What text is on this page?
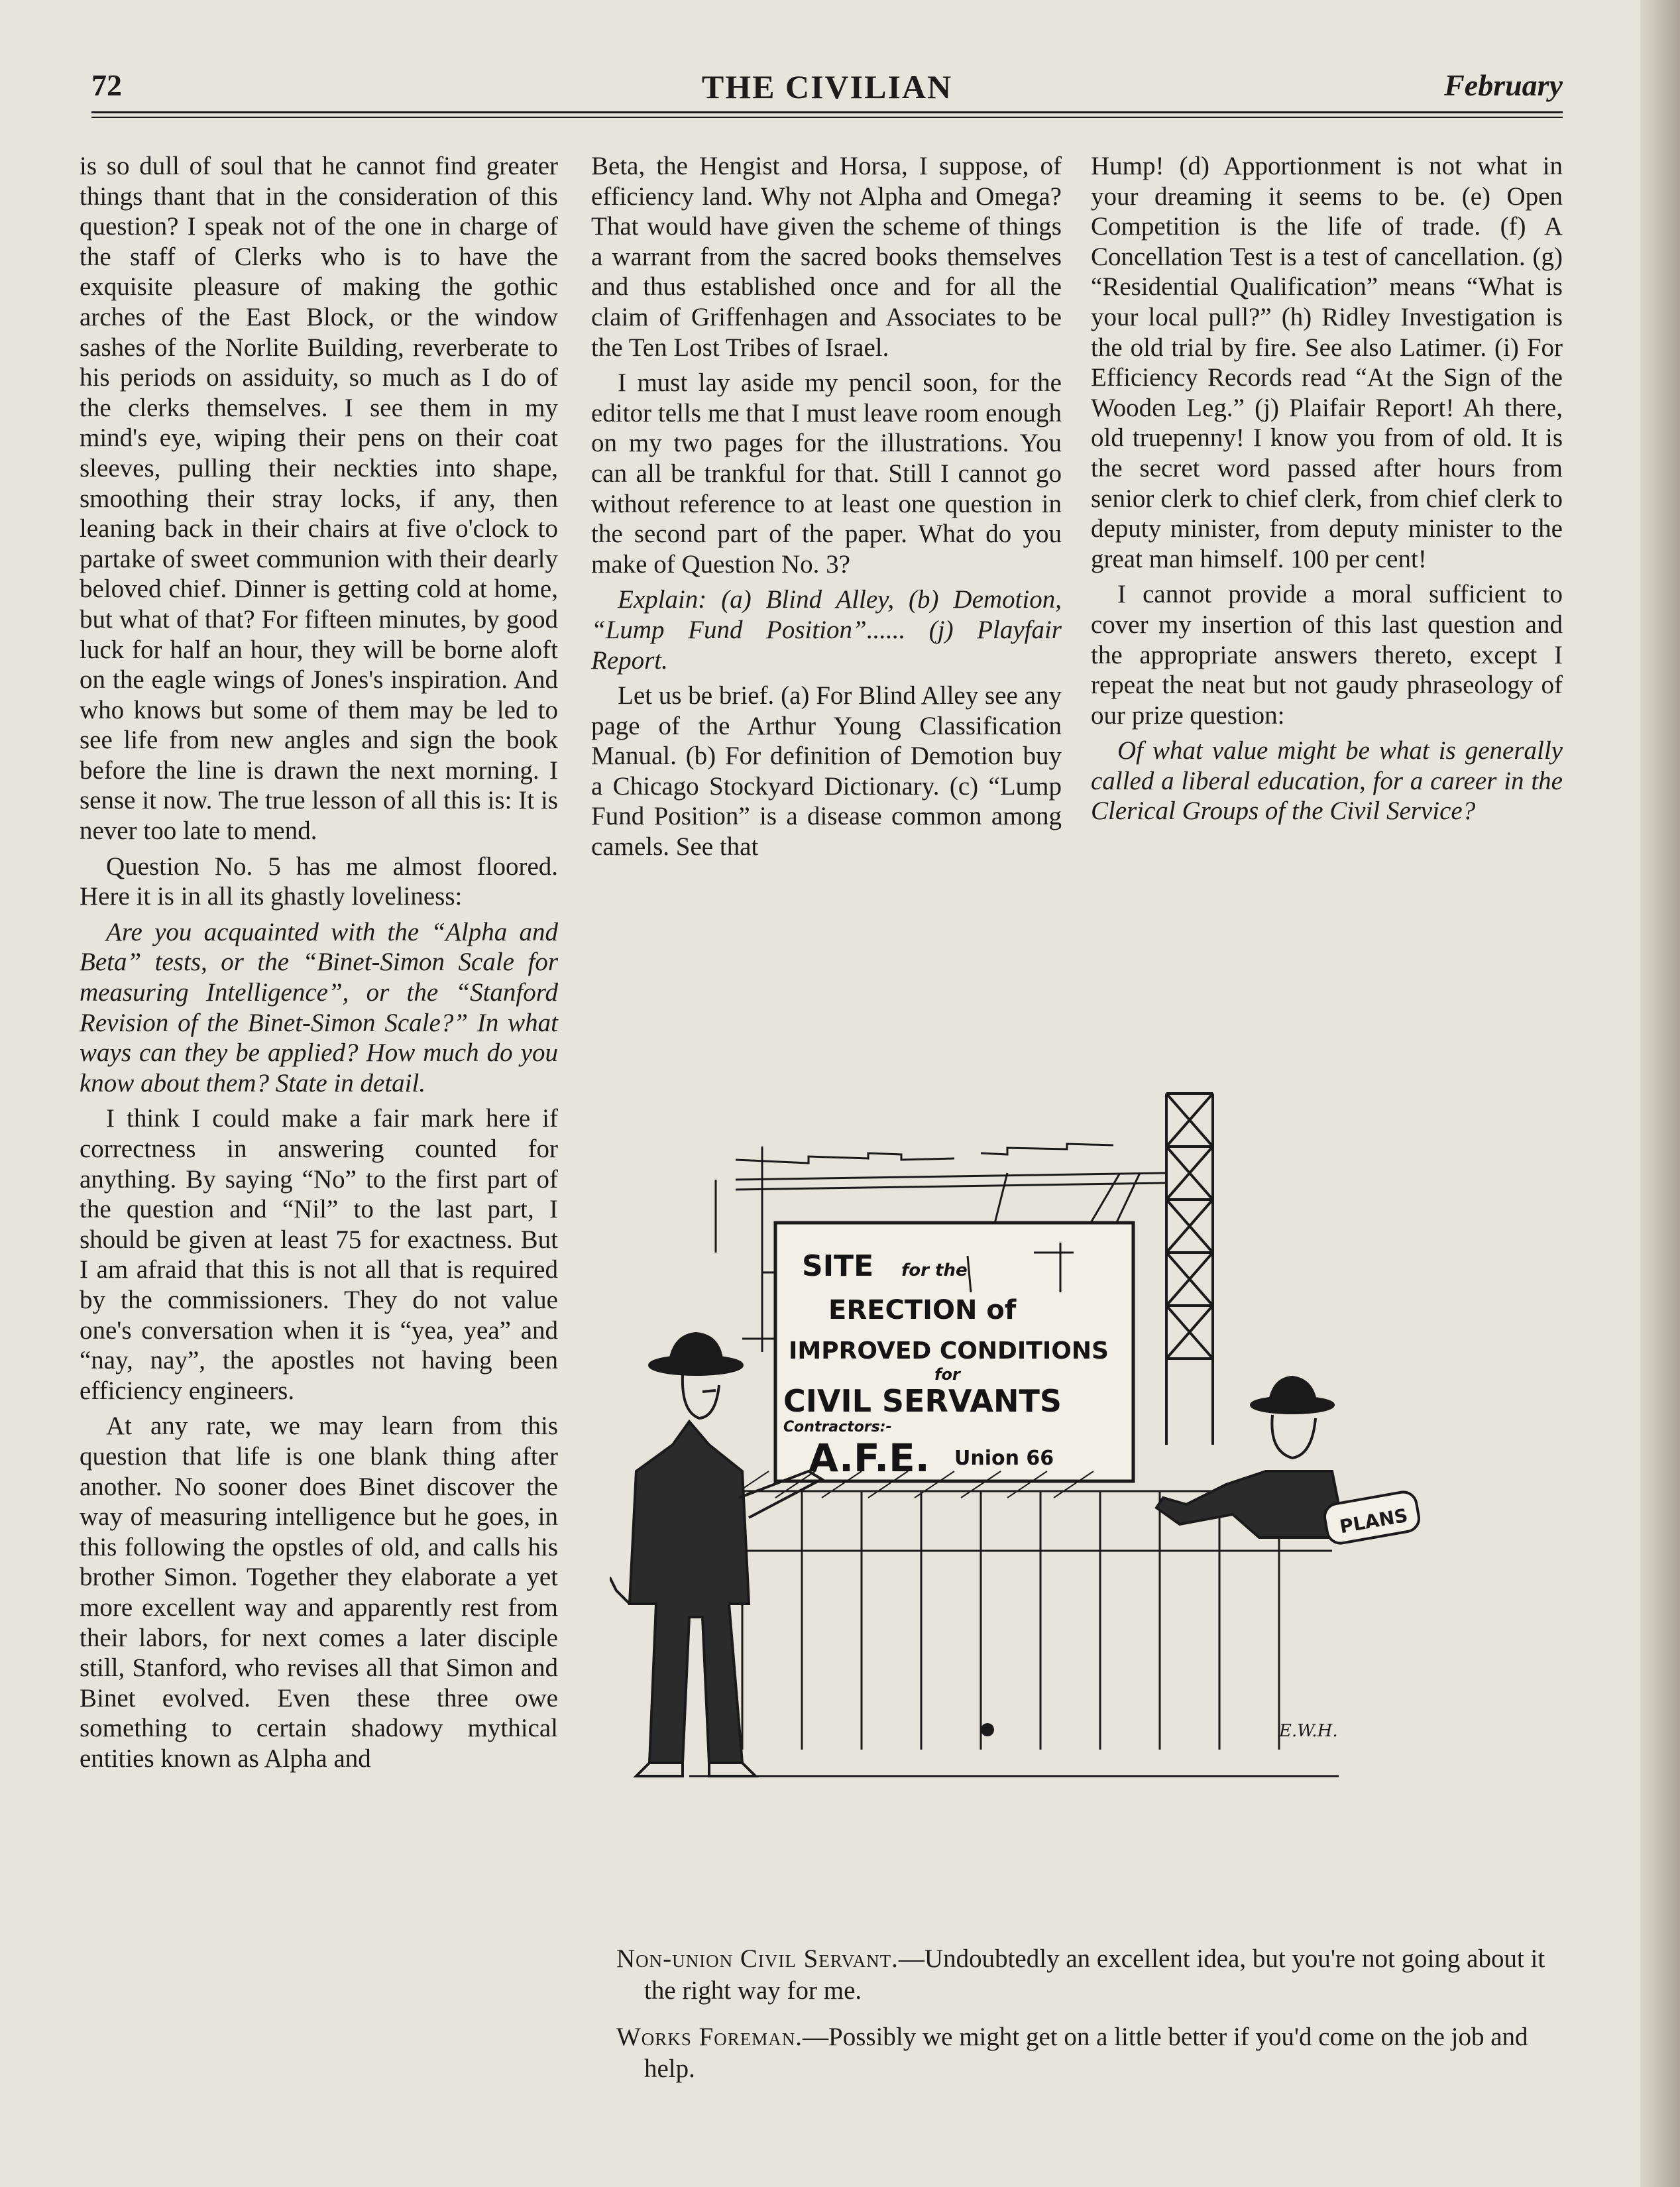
72	THE CIVILIAN	February

is so dull of soul that he cannot find greater things thant that in the consideration of this question? I speak not of the one in charge of the staff of Clerks who is to have the exquisite pleasure of making the gothic arches of the East Block, or the window sashes of the Norlite Building, reverberate to his periods on assiduity, so much as I do of the clerks themselves. I see them in my mind's eye, wiping their pens on their coat sleeves, pulling their neckties into shape, smoothing their stray locks, if any, then leaning back in their chairs at five o'clock to partake of sweet communion with their dearly beloved chief. Dinner is getting cold at home, but what of that? For fifteen minutes, by good luck for half an hour, they will be borne aloft on the eagle wings of Jones's inspiration. And who knows but some of them may be led to see life from new angles and sign the book before the line is drawn the next morning. I sense it now. The true lesson of all this is: It is never too late to mend.

Question No. 5 has me almost floored. Here it is in all its ghastly loveliness:

Are you acquainted with the “Alpha and Beta” tests, or the “Binet-Simon Scale for measuring Intelligence”, or the “Stanford Revision of the Binet-Simon Scale?” In what ways can they be applied? How much do you know about them? State in detail.

I think I could make a fair mark here if correctness in answering counted for anything. By saying “No” to the first part of the question and “Nil” to the last part, I should be given at least 75 for exactness. But I am afraid that this is not all that is required by the commissioners. They do not value one's conversation when it is “yea, yea” and “nay, nay”, the apostles not having been efficiency engineers.

At any rate, we may learn from this question that life is one blank thing after another. No sooner does Binet discover the way of measuring intelligence but he goes, in this following the opstles of old, and calls his brother Simon. Together they elaborate a yet more excellent way and apparently rest from their labors, for next comes a later disciple still, Stanford, who revises all that Simon and Binet evolved. Even these three owe something to certain shadowy mythical entities known as Alpha and

Beta, the Hengist and Horsa, I suppose, of efficiency land. Why not Alpha and Omega? That would have given the scheme of things a warrant from the sacred books themselves and thus established once and for all the claim of Griffenhagen and Associates to be the Ten Lost Tribes of Israel.

I must lay aside my pencil soon, for the editor tells me that I must leave room enough on my two pages for the illustrations. You can all be trankful for that. Still I cannot go without reference to at least one question in the second part of the paper. What do you make of Question No. 3?

Explain: (a) Blind Alley, (b) Demotion, “Lump Fund Position”...... (j) Playfair Report.

Let us be brief. (a) For Blind Alley see any page of the Arthur Young Classification Manual. (b) For definition of Demotion buy a Chicago Stockyard Dictionary. (c) “Lump Fund Position” is a disease common among camels. See that

Hump! (d) Apportionment is not what in your dreaming it seems to be. (e) Open Competition is the life of trade. (f) A Concellation Test is a test of cancellation. (g) “Residential Qualification” means “What is your local pull?” (h) Ridley Investigation is the old trial by fire. See also Latimer. (i) For Efficiency Records read “At the Sign of the Wooden Leg.” (j) Plaifair Report! Ah there, old truepenny! I know you from of old. It is the secret word passed after hours from senior clerk to chief clerk, from chief clerk to deputy minister, from deputy minister to the great man himself. 100 per cent!

I cannot provide a moral sufficient to cover my insertion of this last question and the appropriate answers thereto, except I repeat the neat but not gaudy phraseology of our prize question:

Of what value might be what is generally called a liberal education, for a career in the Clerical Groups of the Civil Service?

SITE for the
ERECTION of
IMPROVED CONDITIONS
for
CIVIL SERVANTS
Contractors:-
A.F.E. Union 66
PLANS
E.W.H.

Non-union Civil Servant.—Undoubtedly an excellent idea, but you're not going about it the right way for me.

Works Foreman.—Possibly we might get on a little better if you'd come on the job and help.
